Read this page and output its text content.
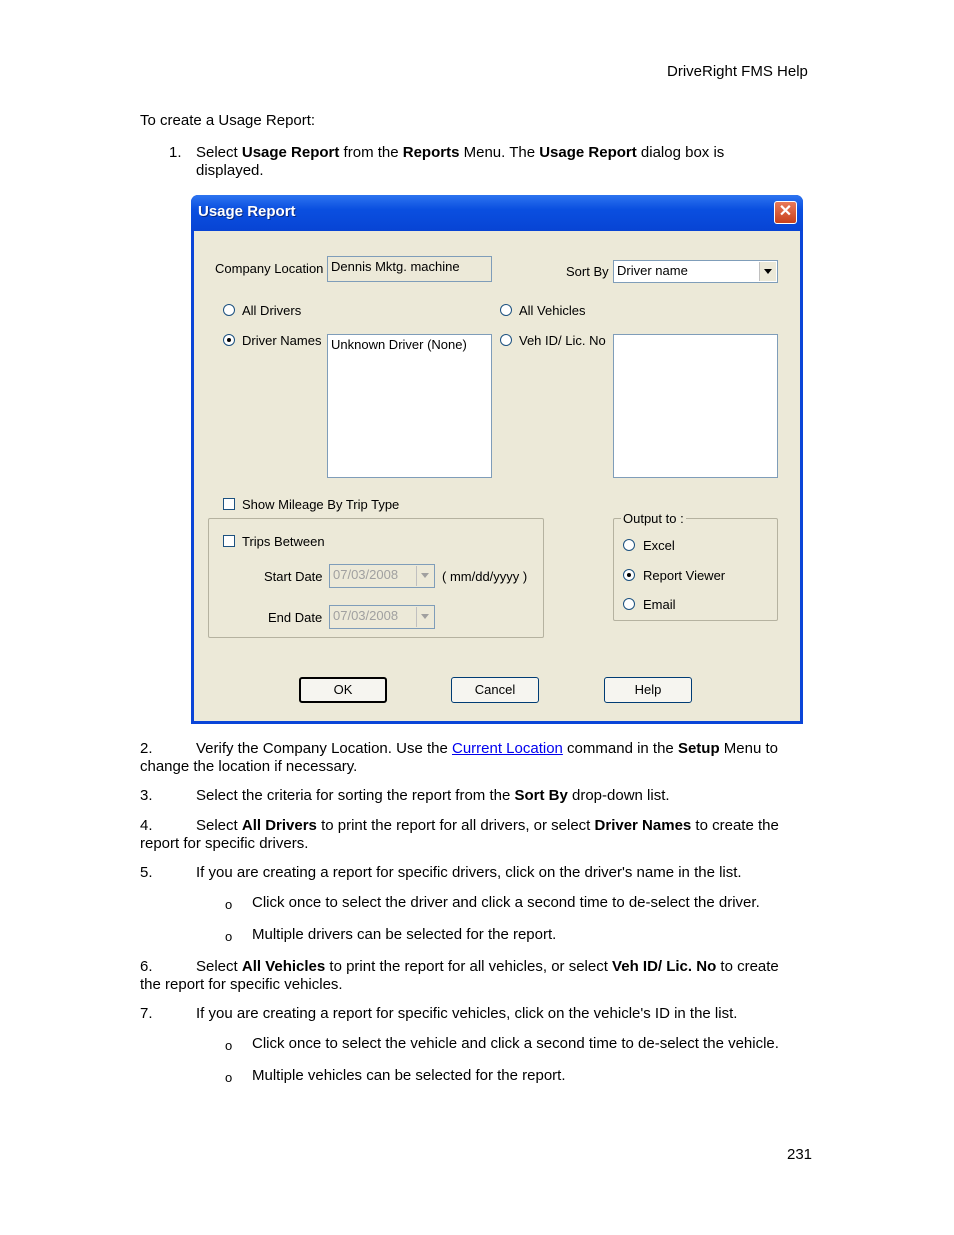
DriveRight FMS Help
To create a Usage Report:
1. Select Usage Report from the Reports Menu. The Usage Report dialog box is
displayed.
Usage Report	✕
Company Location Dennis Mktg. machine	Sort By Driver name
All Drivers
Driver Names Unknown Driver (None)
All Vehicles
Veh ID/ Lic. No
Show Mileage By Trip Type
Trips Between
Start Date 07/03/2008	( mm/dd/yyyy )
End Date 07/03/2008
Output to :
Excel
Report Viewer
Email
OK	Cancel	Help
2.	Verify the Company Location. Use the Current Location command in the Setup Menu to
change the location if necessary.
3.	Select the criteria for sorting the report from the Sort By drop-down list.
4.	Select All Drivers to print the report for all drivers, or select Driver Names to create the
report for specific drivers.
5.	If you are creating a report for specific drivers, click on the driver's name in the list.
o Click once to select the driver and click a second time to de-select the driver.
o Multiple drivers can be selected for the report.
6.	Select All Vehicles to print the report for all vehicles, or select Veh ID/ Lic. No to create
the report for specific vehicles.
7.	If you are creating a report for specific vehicles, click on the vehicle's ID in the list.
o Click once to select the vehicle and click a second time to de-select the vehicle.
o Multiple vehicles can be selected for the report.
231
